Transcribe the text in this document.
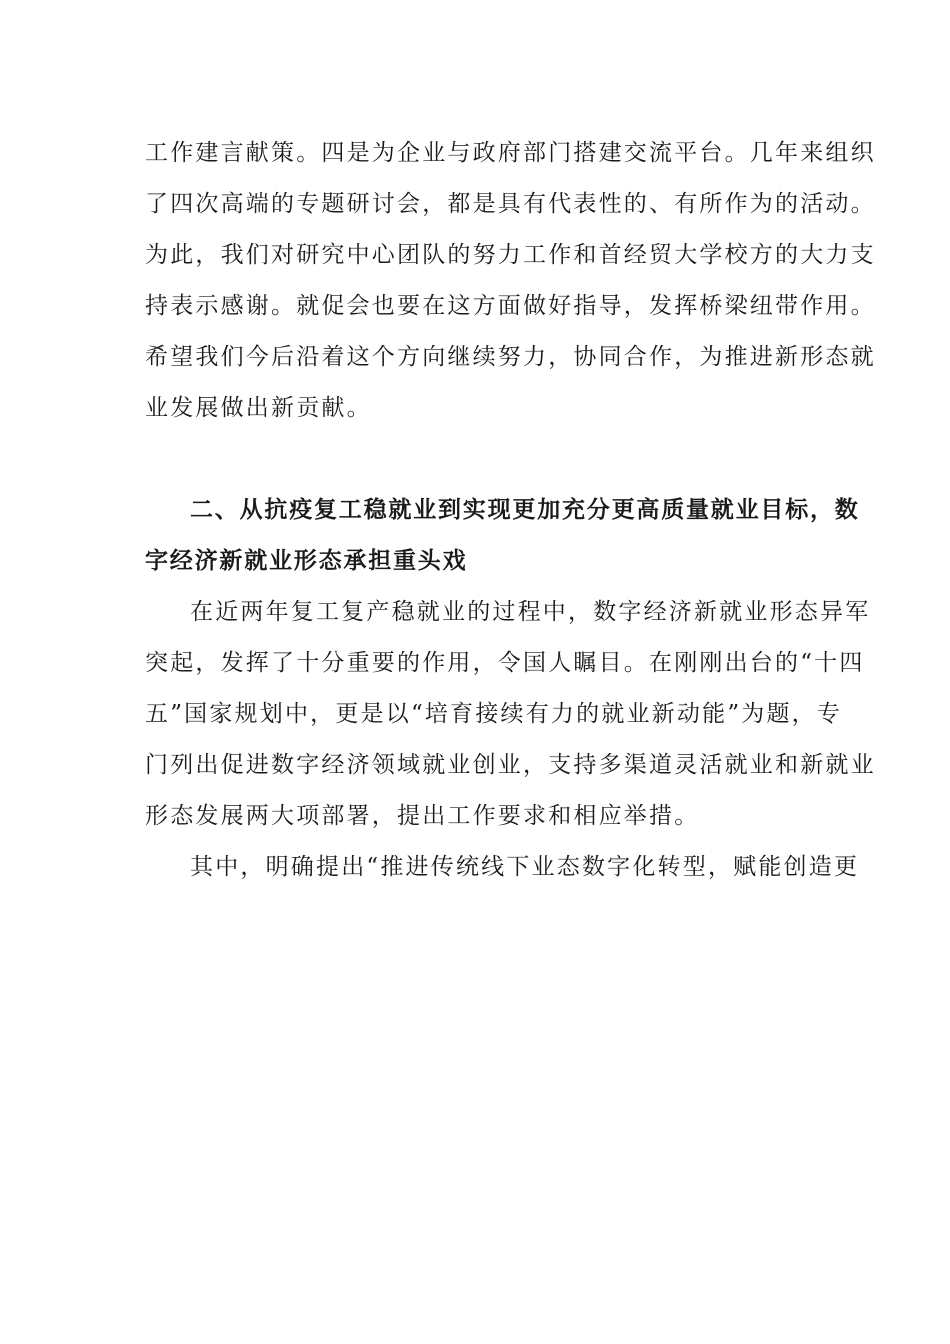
工作建言献策。四是为企业与政府部门搭建交流平台。几年来组织
了四次高端的专题研讨会，都是具有代表性的、有所作为的活动。
为此，我们对研究中心团队的努力工作和首经贸大学校方的大力支
持表示感谢。就促会也要在这方面做好指导，发挥桥梁纽带作用。
希望我们今后沿着这个方向继续努力，协同合作，为推进新形态就
业发展做出新贡献。
二、从抗疫复工稳就业到实现更加充分更高质量就业目标，数
字经济新就业形态承担重头戏
在近两年复工复产稳就业的过程中，数字经济新就业形态异军
突起，发挥了十分重要的作用，令国人瞩目。在刚刚出台的“十四
五”国家规划中，更是以“培育接续有力的就业新动能”为题，专
门列出促进数字经济领域就业创业，支持多渠道灵活就业和新就业
形态发展两大项部署，提出工作要求和相应举措。
其中，明确提出“推进传统线下业态数字化转型，赋能创造更
